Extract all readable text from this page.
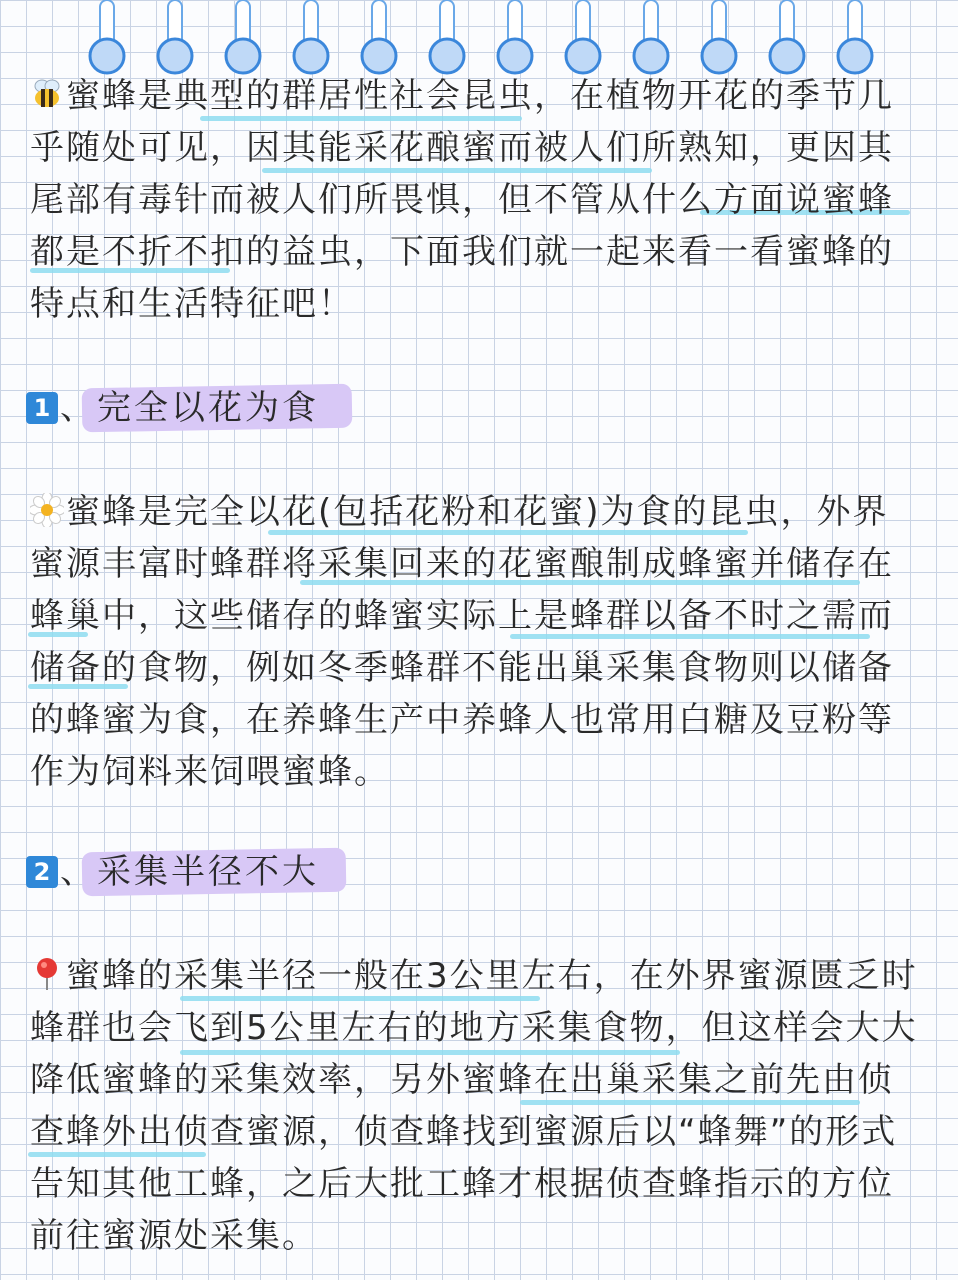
蜜蜂是典型的群居性社会昆虫，在植物开花的季节几乎随处可见，因其能采花酿蜜而被人们所熟知，更因其尾部有毒针而被人们所畏惧，但不管从什么方面说蜜蜂都是不折不扣的益虫，下面我们就一起来看一看蜜蜂的特点和生活特征吧！

1 、完全以花为食

蜜蜂是完全以花(包括花粉和花蜜)为食的昆虫，外界蜜源丰富时蜂群将采集回来的花蜜酿制成蜂蜜并储存在蜂巢中，这些储存的蜂蜜实际上是蜂群以备不时之需而储备的食物，例如冬季蜂群不能出巢采集食物则以储备的蜂蜜为食，在养蜂生产中养蜂人也常用白糖及豆粉等作为饲料来饲喂蜜蜂。

2 、采集半径不大

蜜蜂的采集半径一般在3公里左右，在外界蜜源匮乏时蜂群也会飞到5公里左右的地方采集食物，但这样会大大降低蜜蜂的采集效率，另外蜜蜂在出巢采集之前先由侦查蜂外出侦查蜜源，侦查蜂找到蜜源后以“蜂舞”的形式告知其他工蜂，之后大批工蜂才根据侦查蜂指示的方位前往蜜源处采集。
